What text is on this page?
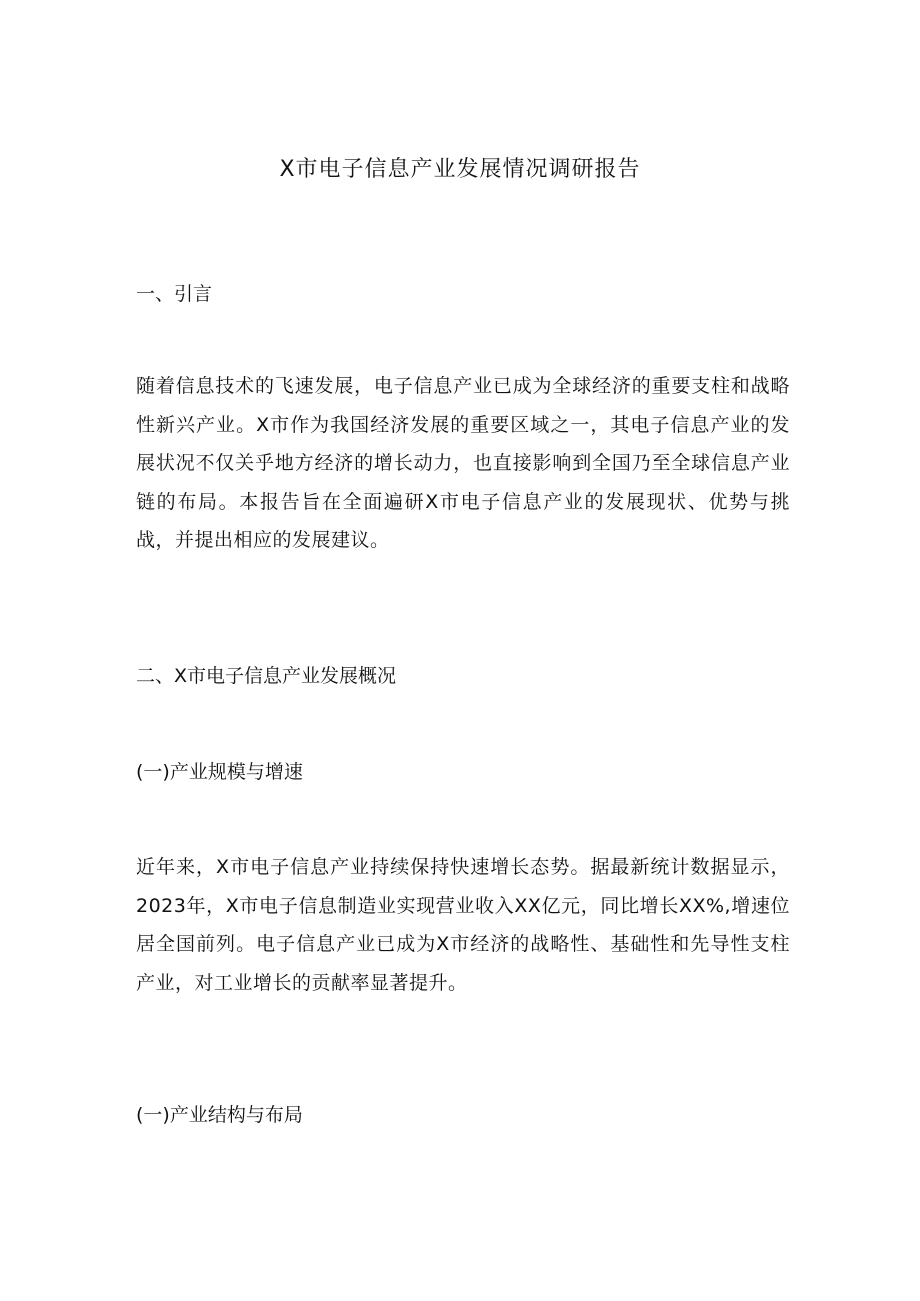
X市电子信息产业发展情况调研报告
一、引言

随着信息技术的飞速发展，电子信息产业已成为全球经济的重要支柱和战略性新兴产业。X市作为我国经济发展的重要区域之一，其电子信息产业的发展状况不仅关乎地方经济的增长动力，也直接影响到全国乃至全球信息产业链的布局。本报告旨在全面遍研X市电子信息产业的发展现状、优势与挑战，并提出相应的发展建议。

二、X市电子信息产业发展概况
(一)产业规模与增速

近年来，X市电子信息产业持续保持快速增长态势。据最新统计数据显示，2023年，X市电子信息制造业实现营业收入XX亿元，同比增长XX%,增速位居全国前列。电子信息产业已成为X市经济的战略性、基础性和先导性支柱产业，对工业增长的贡献率显著提升。

(一)产业结构与布局
